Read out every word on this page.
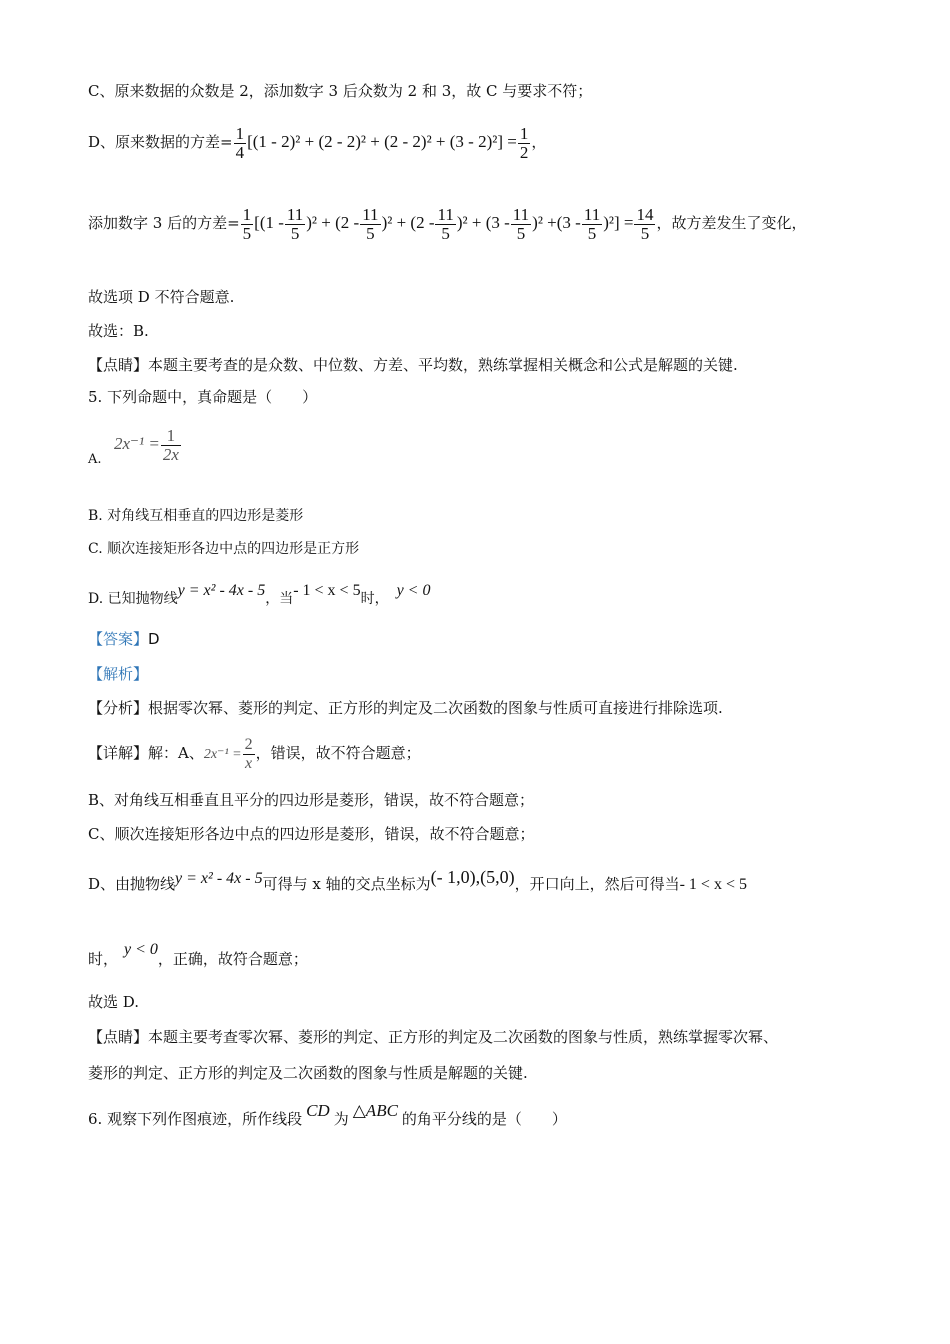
C、原来数据的众数是 2，添加数字 3 后众数为 2 和 3，故 C 与要求不符；
D、原来数据的方差= $\frac{1}{4} [(1 - 2)^2 + (2 - 2)^2 + (2 - 2)^2 + (3 - 2)^2] = \frac{1}{2}$ ，
添加数字 3 后的方差= $\frac{1}{5} [(1 - \frac{11}{5} )^2 + (2 - \frac{11}{5} )^2 + (2 - \frac{11}{5} )^2 + (3 - \frac{11}{5} )^2 +(3 - \frac{11}{5} )^2] = \frac{14}{5}$ ，故方差发生了变化，
故选项 D 不符合题意.
故选：B.
【点睛】本题主要考查的是众数、中位数、方差、平均数，熟练掌握相关概念和公式是解题的关键.
5. 下列命题中，真命题是（　　）
$A.2x^{-1} = \frac{1}{2x}$
B. 对角线互相垂直的四边形是菱形
C. 顺次连接矩形各边中点的四边形是正方形
D. 已知抛物线y = x² - 4x - 5，当- 1 < x < 5时， y < 0
【答案】D
【解析】
【分析】根据零次幂、菱形的判定、正方形的判定及二次函数的图象与性质可直接进行排除选项.
【详解】解：A、$2x^{-1} = \frac{2}{x}$ ，错误，故不符合题意；
B、对角线互相垂直且平分的四边形是菱形，错误，故不符合题意；
C、顺次连接矩形各边中点的四边形是菱形，错误，故不符合题意；
D、由抛物线y = x² - 4x - 5可得与 x 轴的交点坐标为(- 1,0),(5,0)，开口向上，然后可得当- 1 < x < 5
时，y < 0，正确，故符合题意；
故选 D.
【点睛】本题主要考查零次幂、菱形的判定、正方形的判定及二次函数的图象与性质，熟练掌握零次幂、
菱形的判定、正方形的判定及二次函数的图象与性质是解题的关键.
6. 观察下列作图痕迹，所作线段 CD 为 △ABC 的角平分线的是（　　）
